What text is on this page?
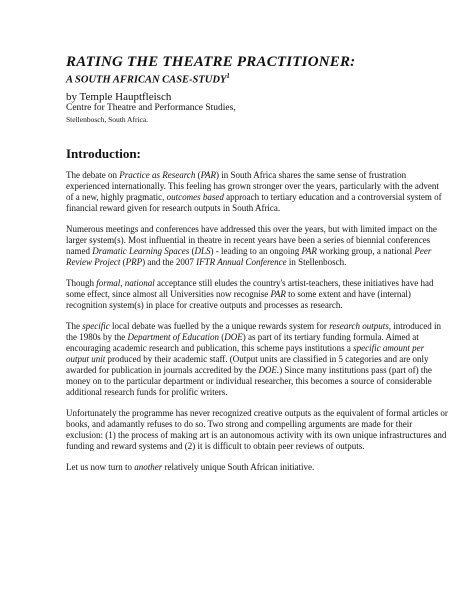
RATING THE THEATRE PRACTITIONER:
A SOUTH AFRICAN CASE-STUDY$^1$
by Temple Hauptfleisch
Centre for Theatre and Performance Studies,
Stellenbosch, South Africa.
Introduction:

The debate on Practice as Research (PAR) in South Africa shares the same sense of frustration experienced internationally. This feeling has grown stronger over the years, particularly with the advent of a new, highly pragmatic, outcomes based approach to tertiary education and a controversial system of financial reward given for research outputs in South Africa.

Numerous meetings and conferences have addressed this over the years, but with limited impact on the larger system(s). Most influential in theatre in recent years have been a series of biennial conferences named Dramatic Learning Spaces (DLS) - leading to an ongoing PAR working group, a national Peer Review Project (PRP) and the 2007 IFTR Annual Conference in Stellenbosch.

Though formal, national acceptance still eludes the country's artist-teachers, these initiatives have had some effect, since almost all Universities now recognise PAR to some extent and have (internal) recognition system(s) in place for creative outputs and processes as research.

The specific local debate was fuelled by the a unique rewards system for research outputs, introduced in the 1980s by the Department of Education (DOE) as part of its tertiary funding formula. Aimed at encouraging academic research and publication, this scheme pays institutions a specific amount per output unit produced by their academic staff. (Output units are classified in 5 categories and are only awarded for publication in journals accredited by the DOE.) Since many institutions pass (part of) the money on to the particular department or individual researcher, this becomes a source of considerable additional research funds for prolific writers.

Unfortunately the programme has never recognized creative outputs as the equivalent of formal articles or books, and adamantly refuses to do so. Two strong and compelling arguments are made for their exclusion: (1) the process of making art is an autonomous activity with its own unique infrastructures and funding and reward systems and (2) it is difficult to obtain peer reviews of outputs.

Let us now turn to another relatively unique South African initiative.
